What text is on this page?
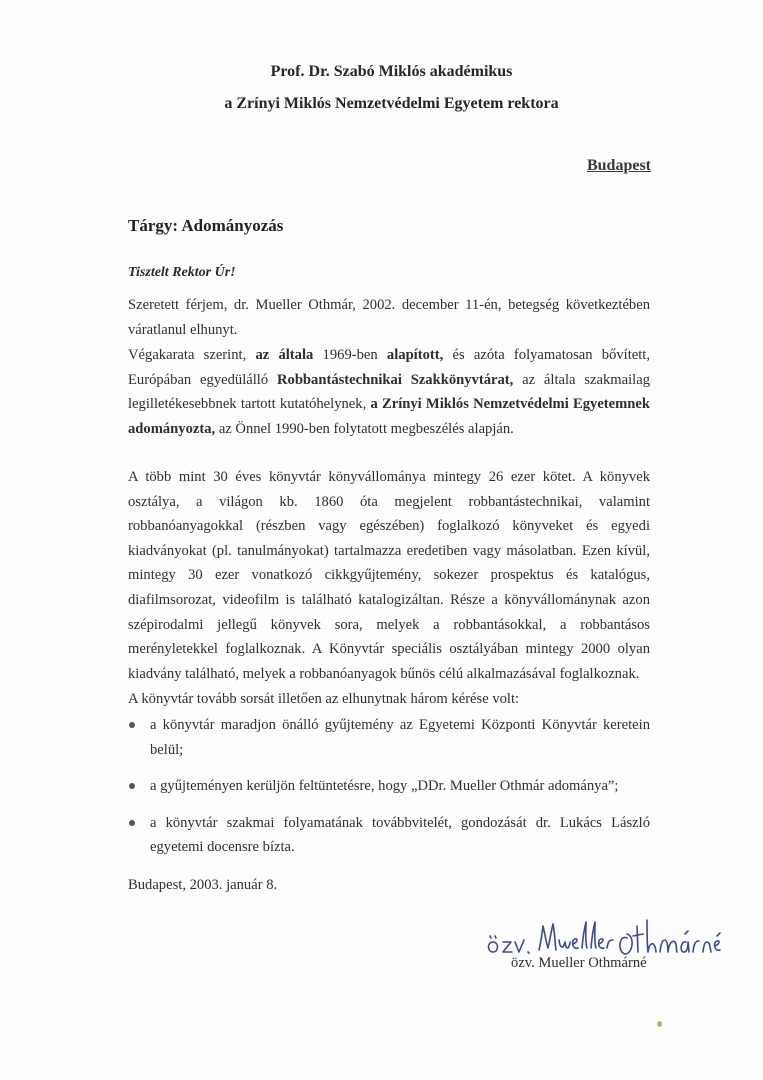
Prof. Dr. Szabó Miklós akadémikus
a Zrínyi Miklós Nemzetvédelmi Egyetem rektora
Budapest
Tárgy: Adományozás
Tisztelt Rektor Úr!

Szeretett férjem, dr. Mueller Othmár, 2002. december 11-én, betegség következtében váratlanul elhunyt.

Végakarata szerint, az általa 1969-ben alapított, és azóta folyamatosan bővített, Európában egyedülálló Robbantástechnikai Szakkönyvtárat, az általa szakmailag legilletékesebbnek tartott kutatóhelynek, a Zrínyi Miklós Nemzetvédelmi Egyetemnek adományozta, az Önnel 1990-ben folytatott megbeszélés alapján.

A több mint 30 éves könyvtár könyvállománya mintegy 26 ezer kötet. A könyvek osztálya, a világon kb. 1860 óta megjelent robbantástechnikai, valamint robbanóanyagokkal (részben vagy egészében) foglalkozó könyveket és egyedi kiadványokat (pl. tanulmányokat) tartalmazza eredetiben vagy másolatban. Ezen kívül, mintegy 30 ezer vonatkozó cikkgyűjtemény, sokezer prospektus és katalógus, diafilmsorozat, videofilm is található katalogizáltan. Része a könyvállománynak azon szépirodalmi jellegű könyvek sora, melyek a robbantásokkal, a robbantásos merényletekkel foglalkoznak. A Könyvtár speciális osztályában mintegy 2000 olyan kiadvány található, melyek a robbanóanyagok bűnös célú alkalmazásával foglalkoznak.

A könyvtár tovább sorsát illetően az elhunytnak három kérése volt:

a könyvtár maradjon önálló gyűjtemény az Egyetemi Központi Könyvtár keretein belül;
a gyűjteményen kerüljön feltüntetésre, hogy „DDr. Mueller Othmár adománya”;
a könyvtár szakmai folyamatának továbbvitelét, gondozását dr. Lukács László egyetemi docensre bízta.
Budapest, 2003. január 8.
özv. Mueller Othmárné
